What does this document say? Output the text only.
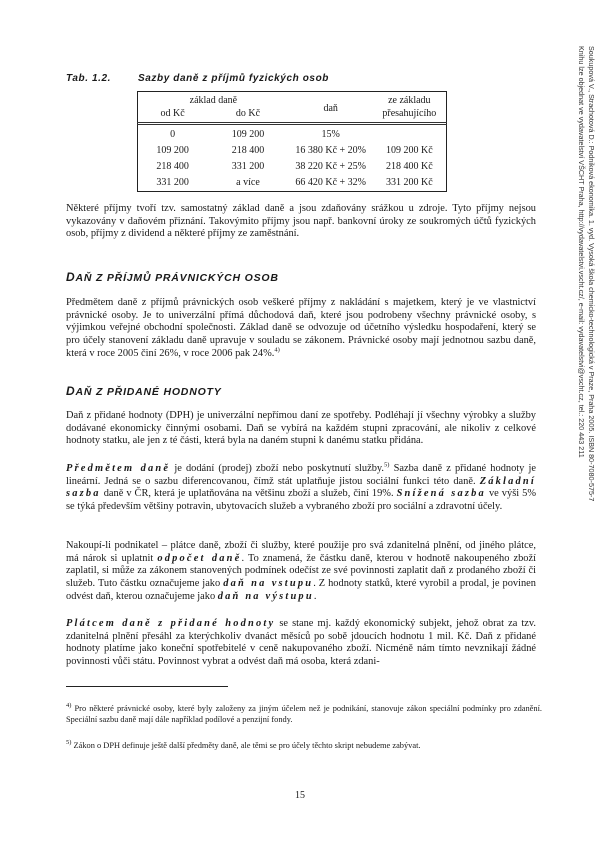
Tab. 1.2.	Sazby daně z příjmů fyzických osob
základ daně		daň	ze základu
od Kč	do Kč		přesahujícího

0	109 200	15%	
109 200	218 400	16 380 Kč + 20%	109 200 Kč
218 400	331 200	38 220 Kč + 25%	218 400 Kč
331 200	a více	66 420 Kč + 32%	331 200 Kč

Některé příjmy tvoří tzv. samostatný základ daně a jsou zdaňovány srážkou u zdroje. Tyto příjmy nejsou vykazovány v daňovém přiznání. Takovýmito příjmy jsou např. bankovní úroky ze soukromých účtů fyzických osob, příjmy z dividend a některé příjmy ze zaměstnání.

DAŇ Z PŘÍJMŮ PRÁVNICKÝCH OSOB

Předmětem daně z příjmů právnických osob veškeré příjmy z nakládání s majetkem, který je ve vlastnictví právnické osoby. Je to univerzální přímá důchodová daň, které jsou podrobeny všechny právnické osoby, s výjimkou veřejné obchodní společnosti. Základ daně se odvozuje od účetního výsledku hospodaření, který se pro účely stanovení základu daně upravuje v souladu se zákonem. Právnické osoby mají jednotnou sazbu daně, která v roce 2005 činí 26%, v roce 2006 pak 24%.$^{4)}$

DAŇ Z PŘIDANÉ HODNOTY

Daň z přidané hodnoty (DPH) je univerzální nepřímou daní ze spotřeby. Podléhají jí všechny výrobky a služby dodávané ekonomicky činnými osobami. Daň se vybírá na každém stupni zpracování, ale nikoliv z celkové hodnoty statku, ale jen z té části, která byla na daném stupni k danému statku přidána.

Předmětem daně je dodání (prodej) zboží nebo poskytnutí služby.$^{5)}$ Sazba daně z přidané hodnoty je lineární. Jedná se o sazbu diferencovanou, čímž stát uplatňuje jistou sociální funkci této daně. Základní sazba daně v ČR, která je uplatňována na většinu zboží a služeb, činí 19%. Snížená sazba ve výši 5% se týká především většiny potravin, ubytovacích služeb a vybraného zboží pro sociální a zdravotní účely.

Nakoupí-li podnikatel – plátce daně, zboží či služby, které použije pro svá zdanitelná plnění, od jiného plátce, má nárok si uplatnit odpočet daně. To znamená, že částku daně, kterou v hodnotě nakoupeného zboží zaplatil, si může za zákonem stanovených podmínek odečíst ze své povinnosti zaplatit daň z prodaného zboží či služeb. Tuto částku označujeme jako daň na vstupu. Z hodnoty statků, které vyrobil a prodal, je povinen odvést daň, kterou označujeme jako daň na výstupu.

Plátcem daně z přidané hodnoty se stane mj. každý ekonomický subjekt, jehož obrat za tzv. zdanitelná plnění přesáhl za kterýchkoliv dvanáct měsíců po sobě jdoucích hodnotu 1 mil. Kč. Daň z přidané hodnoty platíme jako koneční spotřebitelé v ceně nakupovaného zboží. Nicméně nám tímto nevznikají žádné povinnosti vůči státu. Povinnost vybrat a odvést daň má osoba, která zdani-

$^{4)}$ Pro některé právnické osoby, které byly založeny za jiným účelem než je podnikání, stanovuje zákon speciální podmínky pro zdanění. Speciální sazbu daně mají dále například podílové a penzijní fondy.

$^{5)}$ Zákon o DPH definuje ještě další předměty daně, ale těmi se pro účely těchto skript nebudeme zabývat.

15
Soukupová V., Strachotová D.: Podniková ekonomika. 1. vyd. Vysoká škola chemicko-technologická v Praze, Praha 2005. ISBN 80-7080-575-7
Knihu lze objednat ve vydavatelství VŠCHT Praha, http://vydavatelstvi.vscht.cz/, e-mail: vydavatelstvi@vscht.cz, tel.: 220 443 211
